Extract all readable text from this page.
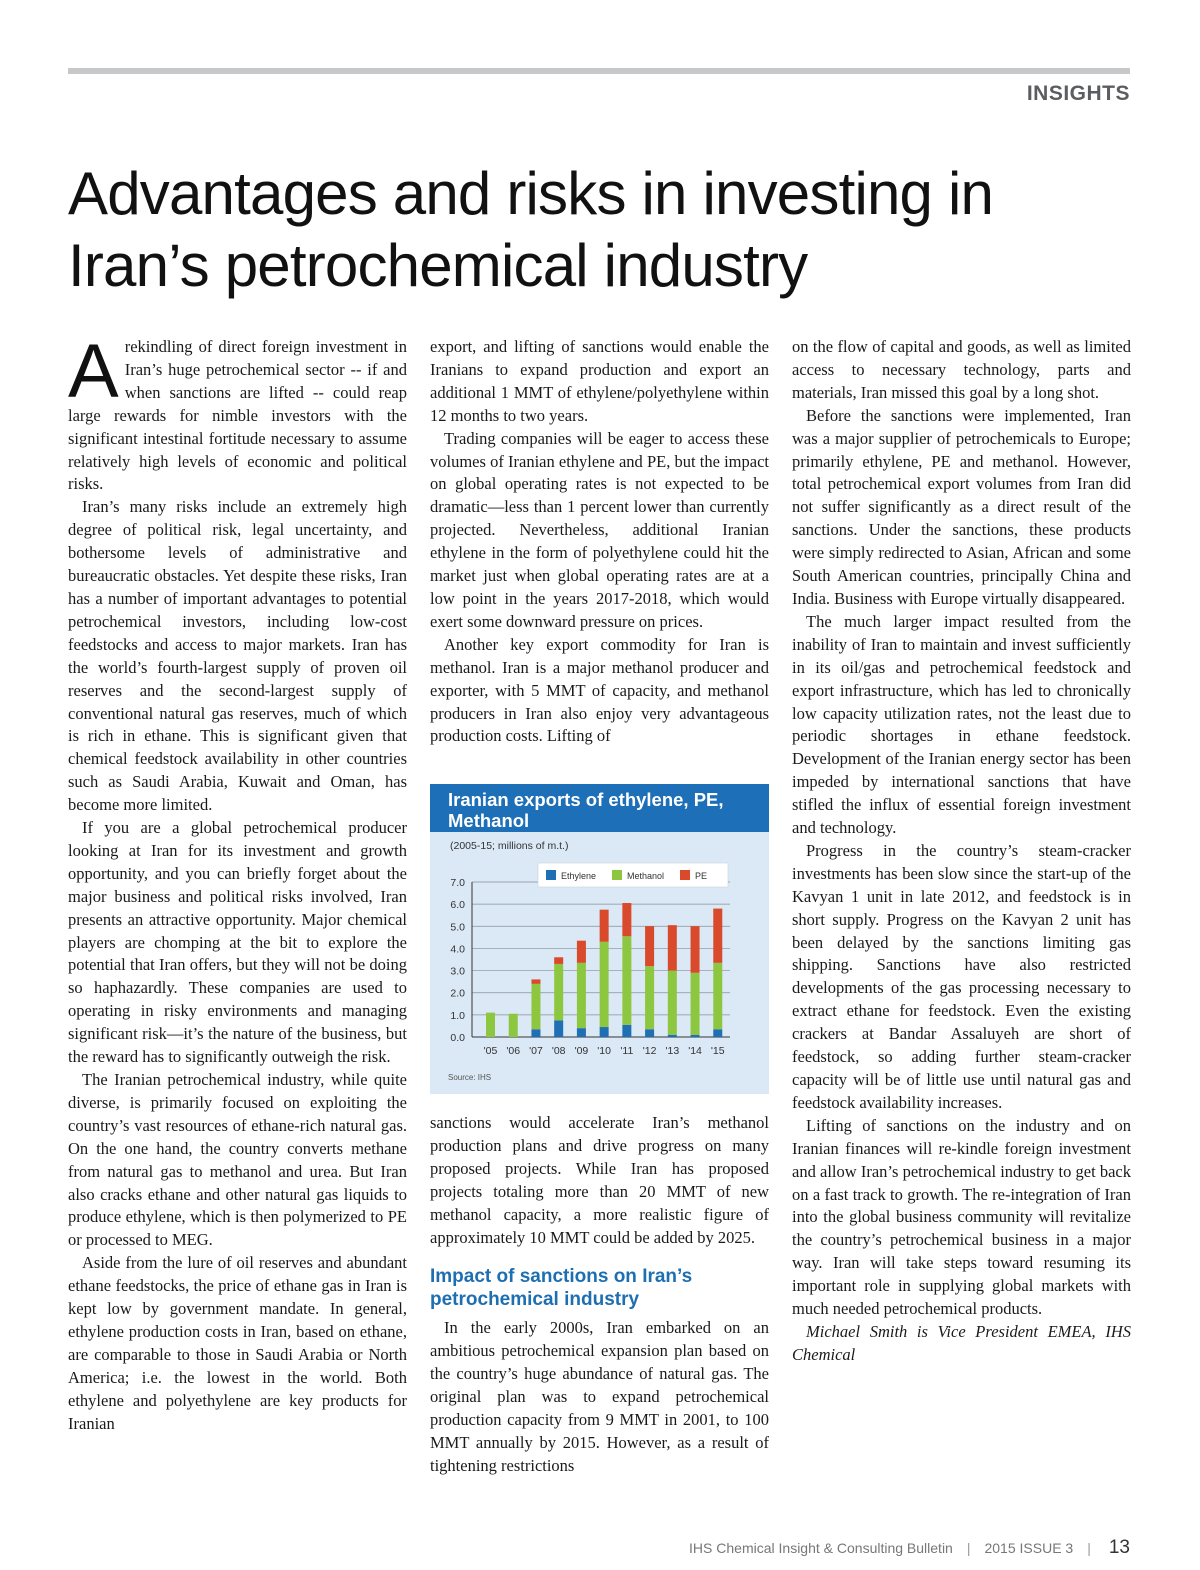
INSIGHTS
Advantages and risks in investing in Iran’s petrochemical industry

Arekindling of direct foreign investment in Iran’s huge petrochemical sector -- if and when sanctions are lifted -- could reap large rewards for nimble investors with the significant intestinal fortitude necessary to assume relatively high levels of economic and political risks.

Iran’s many risks include an extremely high degree of political risk, legal uncertainty, and bothersome levels of administrative and bureaucratic obstacles. Yet despite these risks, Iran has a number of important advantages to potential petrochemical investors, including low-cost feedstocks and access to major markets. Iran has the world’s fourth-largest supply of proven oil reserves and the second-largest supply of conventional natural gas reserves, much of which is rich in ethane. This is significant given that chemical feedstock availability in other countries such as Saudi Arabia, Kuwait and Oman, has become more limited.

If you are a global petrochemical producer looking at Iran for its investment and growth opportunity, and you can briefly forget about the major business and political risks involved, Iran presents an attractive opportunity. Major chemical players are chomping at the bit to explore the potential that Iran offers, but they will not be doing so haphazardly. These companies are used to operating in risky environments and managing significant risk—it’s the nature of the business, but the reward has to significantly outweigh the risk.

The Iranian petrochemical industry, while quite diverse, is primarily focused on exploiting the country’s vast resources of ethane-rich natural gas. On the one hand, the country converts methane from natural gas to methanol and urea. But Iran also cracks ethane and other natural gas liquids to produce ethylene, which is then polymerized to PE or processed to MEG.

Aside from the lure of oil reserves and abundant ethane feedstocks, the price of ethane gas in Iran is kept low by government mandate. In general, ethylene production costs in Iran, based on ethane, are comparable to those in Saudi Arabia or North America; i.e. the lowest in the world. Both ethylene and polyethylene are key products for Iranian

export, and lifting of sanctions would enable the Iranians to expand production and export an additional 1 MMT of ethylene/polyethylene within 12 months to two years.

Trading companies will be eager to access these volumes of Iranian ethylene and PE, but the impact on global operating rates is not expected to be dramatic—less than 1 percent lower than currently projected. Nevertheless, additional Iranian ethylene in the form of polyethylene could hit the market just when global operating rates are at a low point in the years 2017-2018, which would exert some downward pressure on prices.

Another key export commodity for Iran is methanol. Iran is a major methanol producer and exporter, with 5 MMT of capacity, and methanol producers in Iran also enjoy very advantageous production costs. Lifting of

Iranian exports of ethylene, PE, Methanol
(2005-15; millions of m.t.)
Source: IHS
0.0
1.0
2.0
3.0
4.0
5.0
6.0
7.0
'05 '06 '07 '08 '09 '10 '11 '12 '13 '14 '15
Ethylene	Methanol	PE

sanctions would accelerate Iran’s methanol production plans and drive progress on many proposed projects. While Iran has proposed projects totaling more than 20 MMT of new methanol capacity, a more realistic figure of approximately 10 MMT could be added by 2025.

Impact of sanctions on Iran’s petrochemical industry

In the early 2000s, Iran embarked on an ambitious petrochemical expansion plan based on the country’s huge abundance of natural gas. The original plan was to expand petrochemical production capacity from 9 MMT in 2001, to 100 MMT annually by 2015. However, as a result of tightening restrictions

on the flow of capital and goods, as well as limited access to necessary technology, parts and materials, Iran missed this goal by a long shot.

Before the sanctions were implemented, Iran was a major supplier of petrochemicals to Europe; primarily ethylene, PE and methanol. However, total petrochemical export volumes from Iran did not suffer significantly as a direct result of the sanctions. Under the sanctions, these products were simply redirected to Asian, African and some South American countries, principally China and India. Business with Europe virtually disappeared.

The much larger impact resulted from the inability of Iran to maintain and invest sufficiently in its oil/gas and petrochemical feedstock and export infrastructure, which has led to chronically low capacity utilization rates, not the least due to periodic shortages in ethane feedstock. Development of the Iranian energy sector has been impeded by international sanctions that have stifled the influx of essential foreign investment and technology.

Progress in the country’s steam-cracker investments has been slow since the start-up of the Kavyan 1 unit in late 2012, and feedstock is in short supply. Progress on the Kavyan 2 unit has been delayed by the sanctions limiting gas shipping. Sanctions have also restricted developments of the gas processing necessary to extract ethane for feedstock. Even the existing crackers at Bandar Assaluyeh are short of feedstock, so adding further steam-cracker capacity will be of little use until natural gas and feedstock availability increases.

Lifting of sanctions on the industry and on Iranian finances will re-kindle foreign investment and allow Iran’s petrochemical industry to get back on a fast track to growth. The re-integration of Iran into the global business community will revitalize the country’s petrochemical business in a major way. Iran will take steps toward resuming its important role in supplying global markets with much needed petrochemical products.

Michael Smith is Vice President EMEA, IHS Chemical

IHS Chemical Insight & Consulting Bulletin | 2015 ISSUE 3 | 13
